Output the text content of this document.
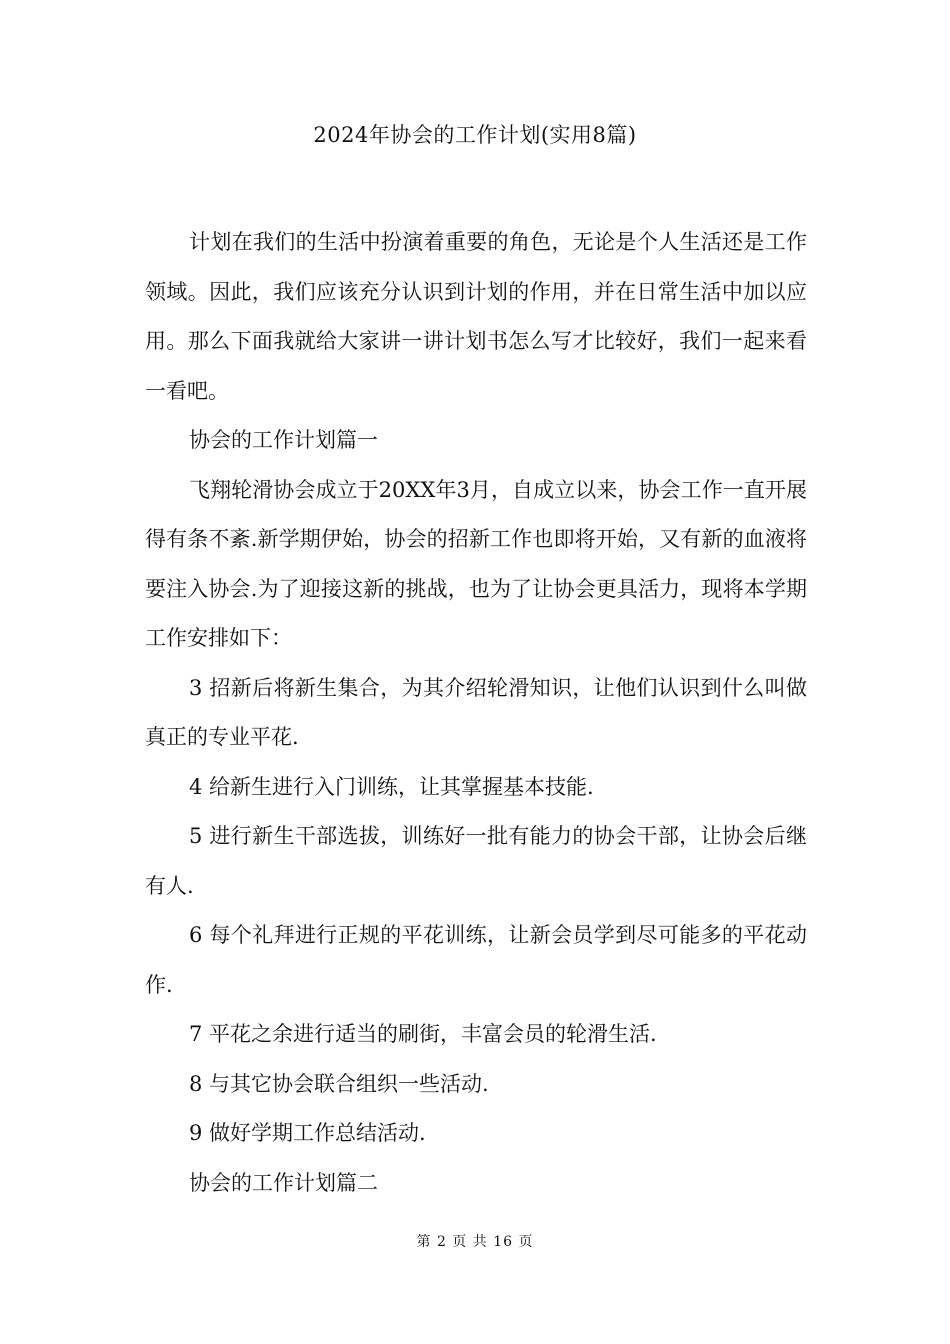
2024年协会的工作计划(实用8篇)

计划在我们的生活中扮演着重要的角色，无论是个人生活还是工作领域。因此，我们应该充分认识到计划的作用，并在日常生活中加以应用。那么下面我就给大家讲一讲计划书怎么写才比较好，我们一起来看一看吧。

协会的工作计划篇一

飞翔轮滑协会成立于20XX年3月，自成立以来，协会工作一直开展得有条不紊.新学期伊始，协会的招新工作也即将开始，又有新的血液将要注入协会.为了迎接这新的挑战，也为了让协会更具活力，现将本学期工作安排如下：

3 招新后将新生集合，为其介绍轮滑知识，让他们认识到什么叫做真正的专业平花.

4 给新生进行入门训练，让其掌握基本技能.

5 进行新生干部选拔，训练好一批有能力的协会干部，让协会后继有人.

6 每个礼拜进行正规的平花训练，让新会员学到尽可能多的平花动作.

7 平花之余进行适当的刷街，丰富会员的轮滑生活.

8 与其它协会联合组织一些活动.

9 做好学期工作总结活动.

协会的工作计划篇二

第 2 页 共 16 页
